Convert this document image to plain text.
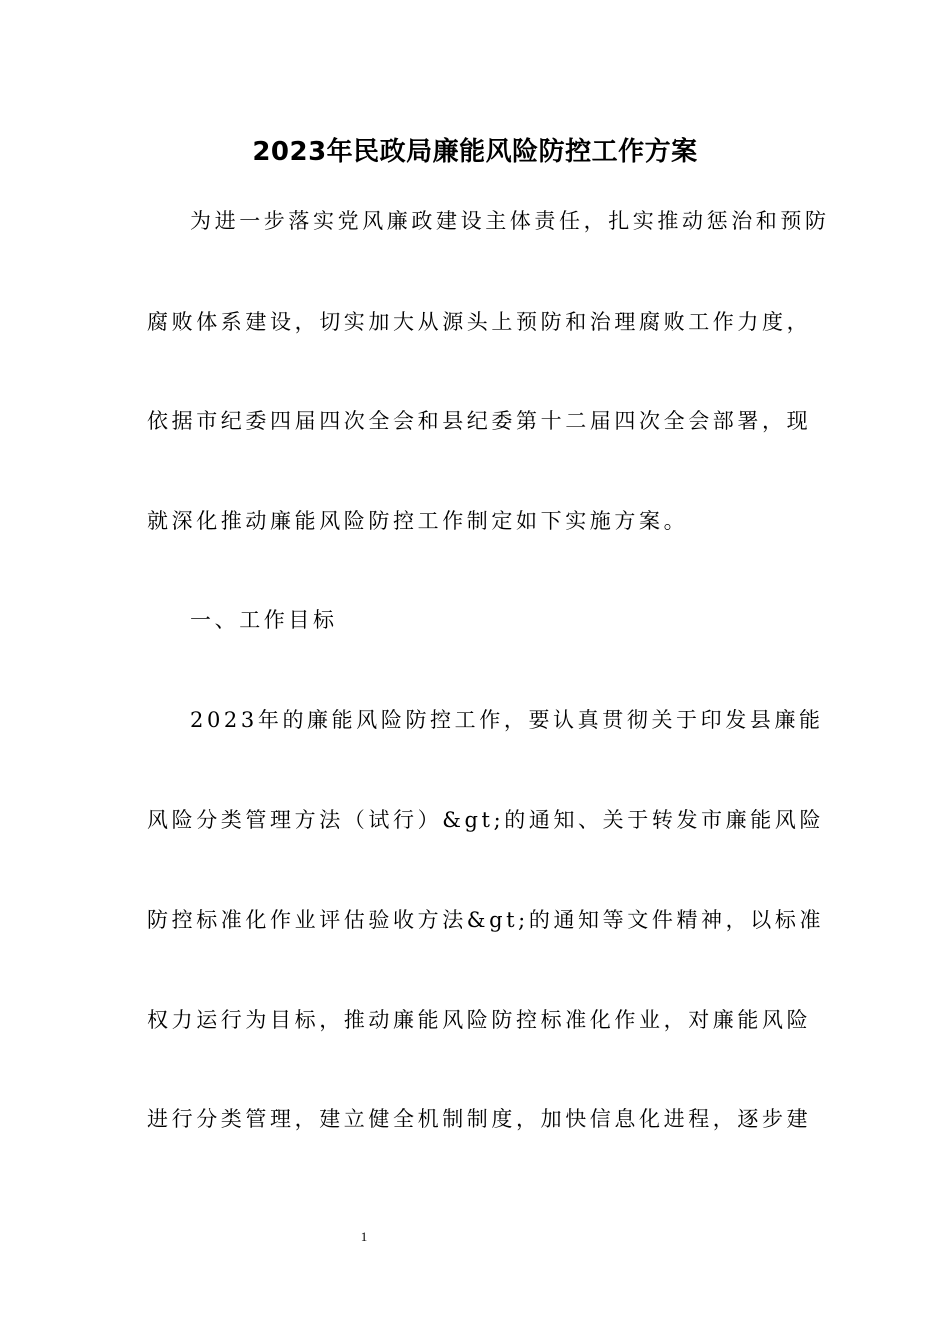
2023年民政局廉能风险防控工作方案
为进一步落实党风廉政建设主体责任，扎实推动惩治和预防
腐败体系建设，切实加大从源头上预防和治理腐败工作力度，
依据市纪委四届四次全会和县纪委第十二届四次全会部署，现
就深化推动廉能风险防控工作制定如下实施方案。
一、工作目标
2023年的廉能风险防控工作，要认真贯彻关于印发县廉能
风险分类管理方法（试行）&gt;的通知、关于转发市廉能风险
防控标准化作业评估验收方法&gt;的通知等文件精神，以标准
权力运行为目标，推动廉能风险防控标准化作业，对廉能风险
进行分类管理，建立健全机制制度，加快信息化进程，逐步建
1
